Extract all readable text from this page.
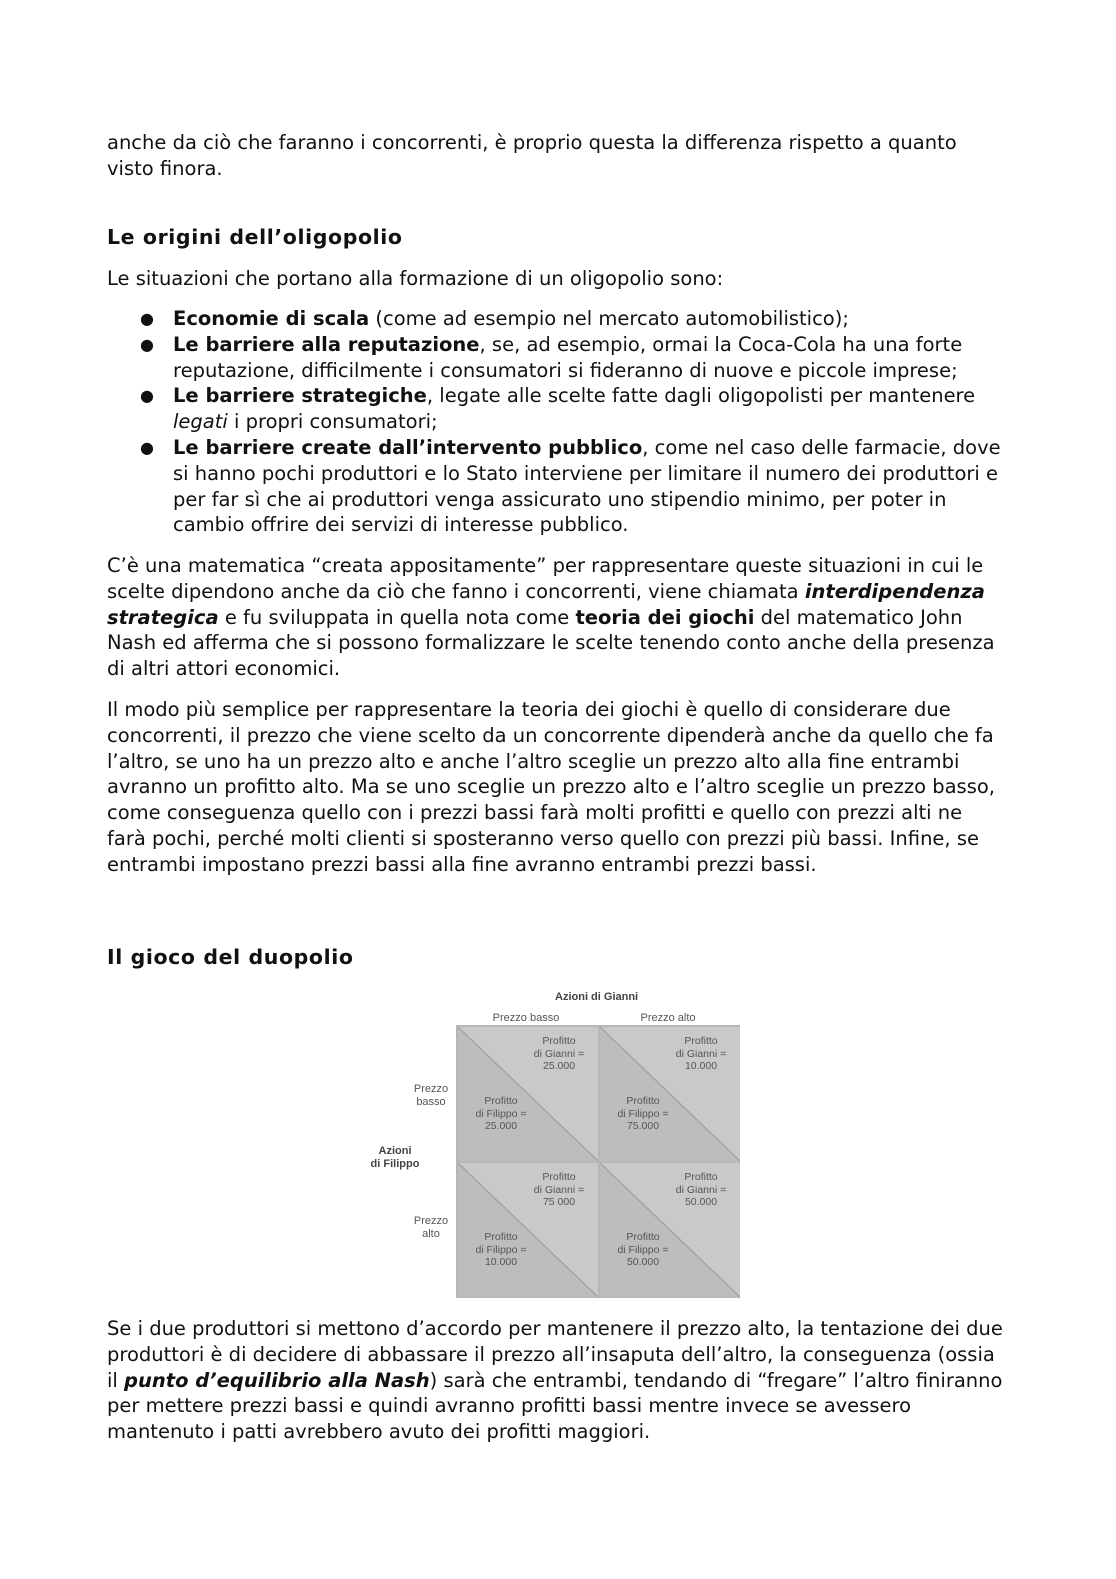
anche da ciò che faranno i concorrenti, è proprio questa la differenza rispetto a quanto visto finora.

Le origini dell’oligopolio

Le situazioni che portano alla formazione di un oligopolio sono:

● Economie di scala (come ad esempio nel mercato automobilistico);
● Le barriere alla reputazione, se, ad esempio, ormai la Coca-Cola ha una forte reputazione, difficilmente i consumatori si fideranno di nuove e piccole imprese;
● Le barriere strategiche, legate alle scelte fatte dagli oligopolisti per mantenere legati i propri consumatori;
● Le barriere create dall’intervento pubblico, come nel caso delle farmacie, dove si hanno pochi produttori e lo Stato interviene per limitare il numero dei produttori e per far sì che ai produttori venga assicurato uno stipendio minimo, per poter in cambio offrire dei servizi di interesse pubblico.

C’è una matematica “creata appositamente” per rappresentare queste situazioni in cui le scelte dipendono anche da ciò che fanno i concorrenti, viene chiamata interdipendenza strategica e fu sviluppata in quella nota come teoria dei giochi del matematico John Nash ed afferma che si possono formalizzare le scelte tenendo conto anche della presenza di altri attori economici.

Il modo più semplice per rappresentare la teoria dei giochi è quello di considerare due concorrenti, il prezzo che viene scelto da un concorrente dipenderà anche da quello che fa l’altro, se uno ha un prezzo alto e anche l’altro sceglie un prezzo alto alla fine entrambi avranno un profitto alto. Ma se uno sceglie un prezzo alto e l’altro sceglie un prezzo basso, come conseguenza quello con i prezzi bassi farà molti profitti e quello con prezzi alti ne farà pochi, perché molti clienti si sposteranno verso quello con prezzi più bassi. Infine, se entrambi impostano prezzi bassi alla fine avranno entrambi prezzi bassi.

Il gioco del duopolio

Se i due produttori si mettono d’accordo per mantenere il prezzo alto, la tentazione dei due produttori è di decidere di abbassare il prezzo all’insaputa dell’altro, la conseguenza (ossia il punto d’equilibrio alla Nash) sarà che entrambi, tendando di “fregare” l’altro finiranno per mettere prezzi bassi e quindi avranno profitti bassi mentre invece se avessero mantenuto i patti avrebbero avuto dei profitti maggiori.

Azioni di Gianni
Prezzo basso	Prezzo alto
Prezzo
basso
Azioni
di Filippo
Prezzo
alto
Profitto
di Gianni =
25.000
Profitto
di Filippo =
25.000
Profitto
di Gianni =
10.000
Profitto
di Filippo =
75.000
Profitto
di Gianni =
75 000
Profitto
di Filippo =
10.000
Profitto
di Gianni =
50.000
Profitto
di Filippo =
50.000
